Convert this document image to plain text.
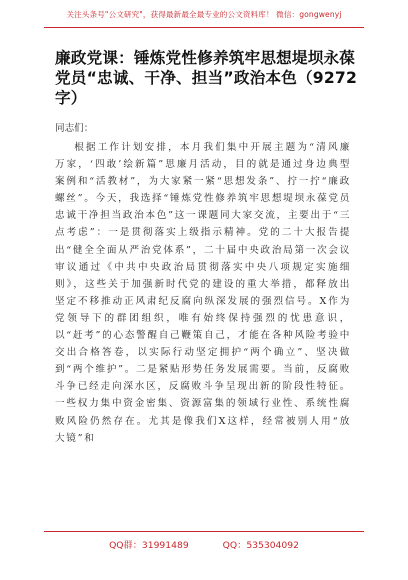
关注头条号"公文研究"，获得最新最全最专业的公文资料库！ 微信：gongwenyj
廉政党课：锤炼党性修养筑牢思想堤坝永葆党员“忠诚、干净、担当”政治本色（9272字）
同志们：

根据工作计划安排，本月我们集中开展主题为“清风廉万家，‘四敢’绘新篇”思廉月活动，目的就是通过身边典型案例和“活教材”，为大家紧一紧“思想发条”、拧一拧“廉政螺丝”。今天，我选择“锤炼党性修养筑牢思想堤坝永葆党员忠诚干净担当政治本色”这一课题同大家交流，主要出于“三点考虑”：一是贯彻落实上级指示精神。党的二十大报告提出“健全全面从严治党体系”，二十届中央政治局第一次会议审议通过《中共中央政治局贯彻落实中央八项规定实施细则》，这些关于加强新时代党的建设的重大举措，都释放出坚定不移推动正风肃纪反腐向纵深发展的强烈信号。X作为党领导下的群团组织，唯有始终保持强烈的忧患意识，以“赶考”的心态警醒自己鞭策自己，才能在各种风险考验中交出合格答卷，以实际行动坚定拥护“两个确立”、坚决做到“两个维护”。二是紧贴形势任务发展需要。当前，反腐败斗争已经走向深水区，反腐败斗争呈现出新的阶段性特征。一些权力集中资金密集、资源富集的领域行业性、系统性腐败风险仍然存在。尤其是像我们X这样，经常被别人用“放大镜”和

QQ群：31991489	QQ：535304092
